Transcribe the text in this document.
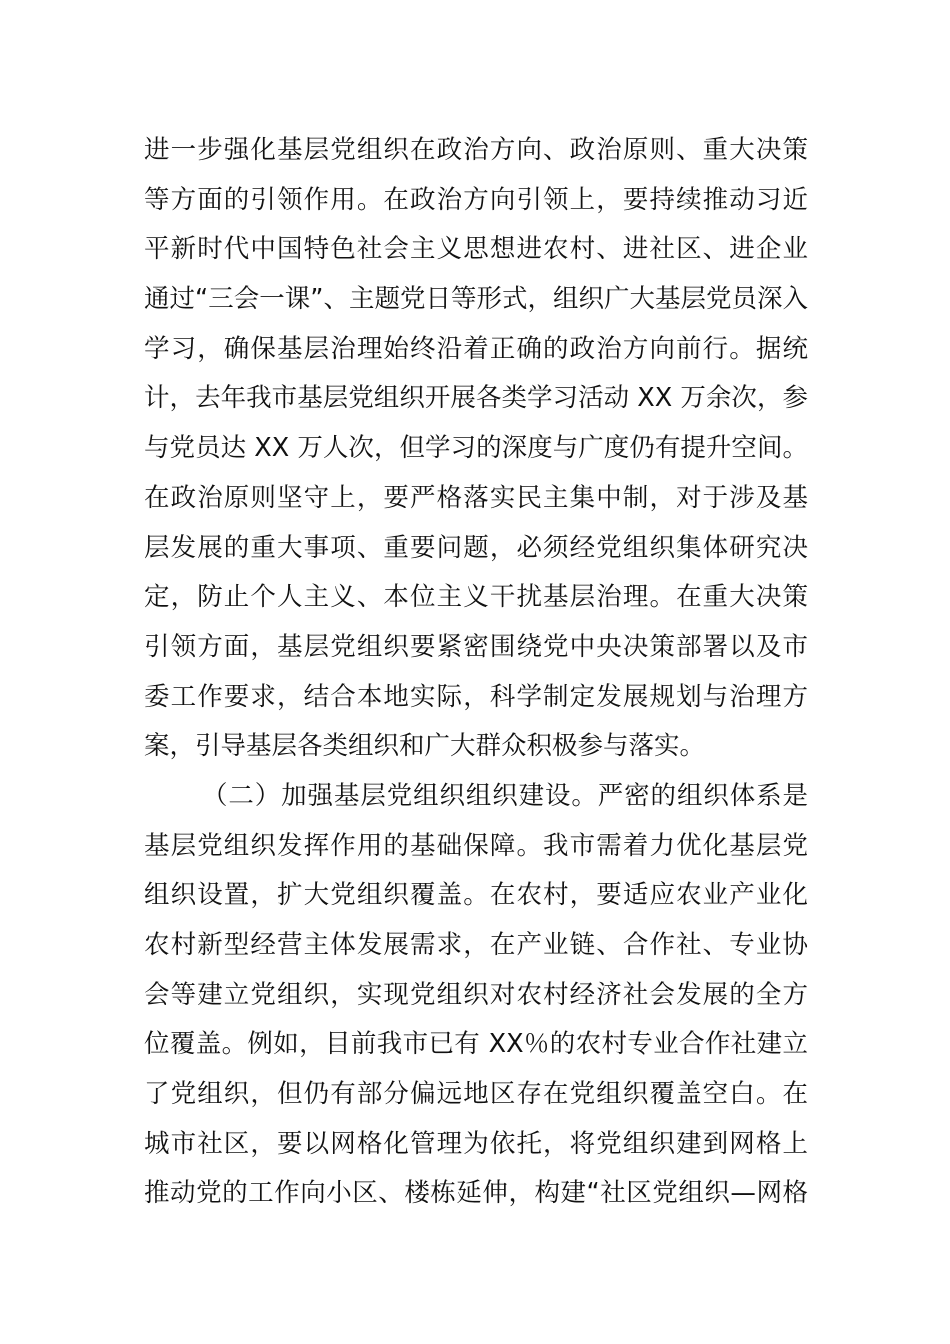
进一步强化基层党组织在政治方向、政治原则、重大决策
等方面的引领作用。在政治方向引领上，要持续推动习近
平新时代中国特色社会主义思想进农村、进社区、进企业
通过“三会一课”、主题党日等形式，组织广大基层党员深入
学习，确保基层治理始终沿着正确的政治方向前行。据统
计，去年我市基层党组织开展各类学习活动 XX 万余次，参
与党员达 XX 万人次，但学习的深度与广度仍有提升空间。
在政治原则坚守上，要严格落实民主集中制，对于涉及基
层发展的重大事项、重要问题，必须经党组织集体研究决
定，防止个人主义、本位主义干扰基层治理。在重大决策
引领方面，基层党组织要紧密围绕党中央决策部署以及市
委工作要求，结合本地实际，科学制定发展规划与治理方
案，引导基层各类组织和广大群众积极参与落实。
（二）加强基层党组织组织建设。严密的组织体系是
基层党组织发挥作用的基础保障。我市需着力优化基层党
组织设置，扩大党组织覆盖。在农村，要适应农业产业化
农村新型经营主体发展需求，在产业链、合作社、专业协
会等建立党组织，实现党组织对农村经济社会发展的全方
位覆盖。例如，目前我市已有 XX％的农村专业合作社建立
了党组织，但仍有部分偏远地区存在党组织覆盖空白。在
城市社区，要以网格化管理为依托，将党组织建到网格上
推动党的工作向小区、楼栋延伸，构建“社区党组织—网格
